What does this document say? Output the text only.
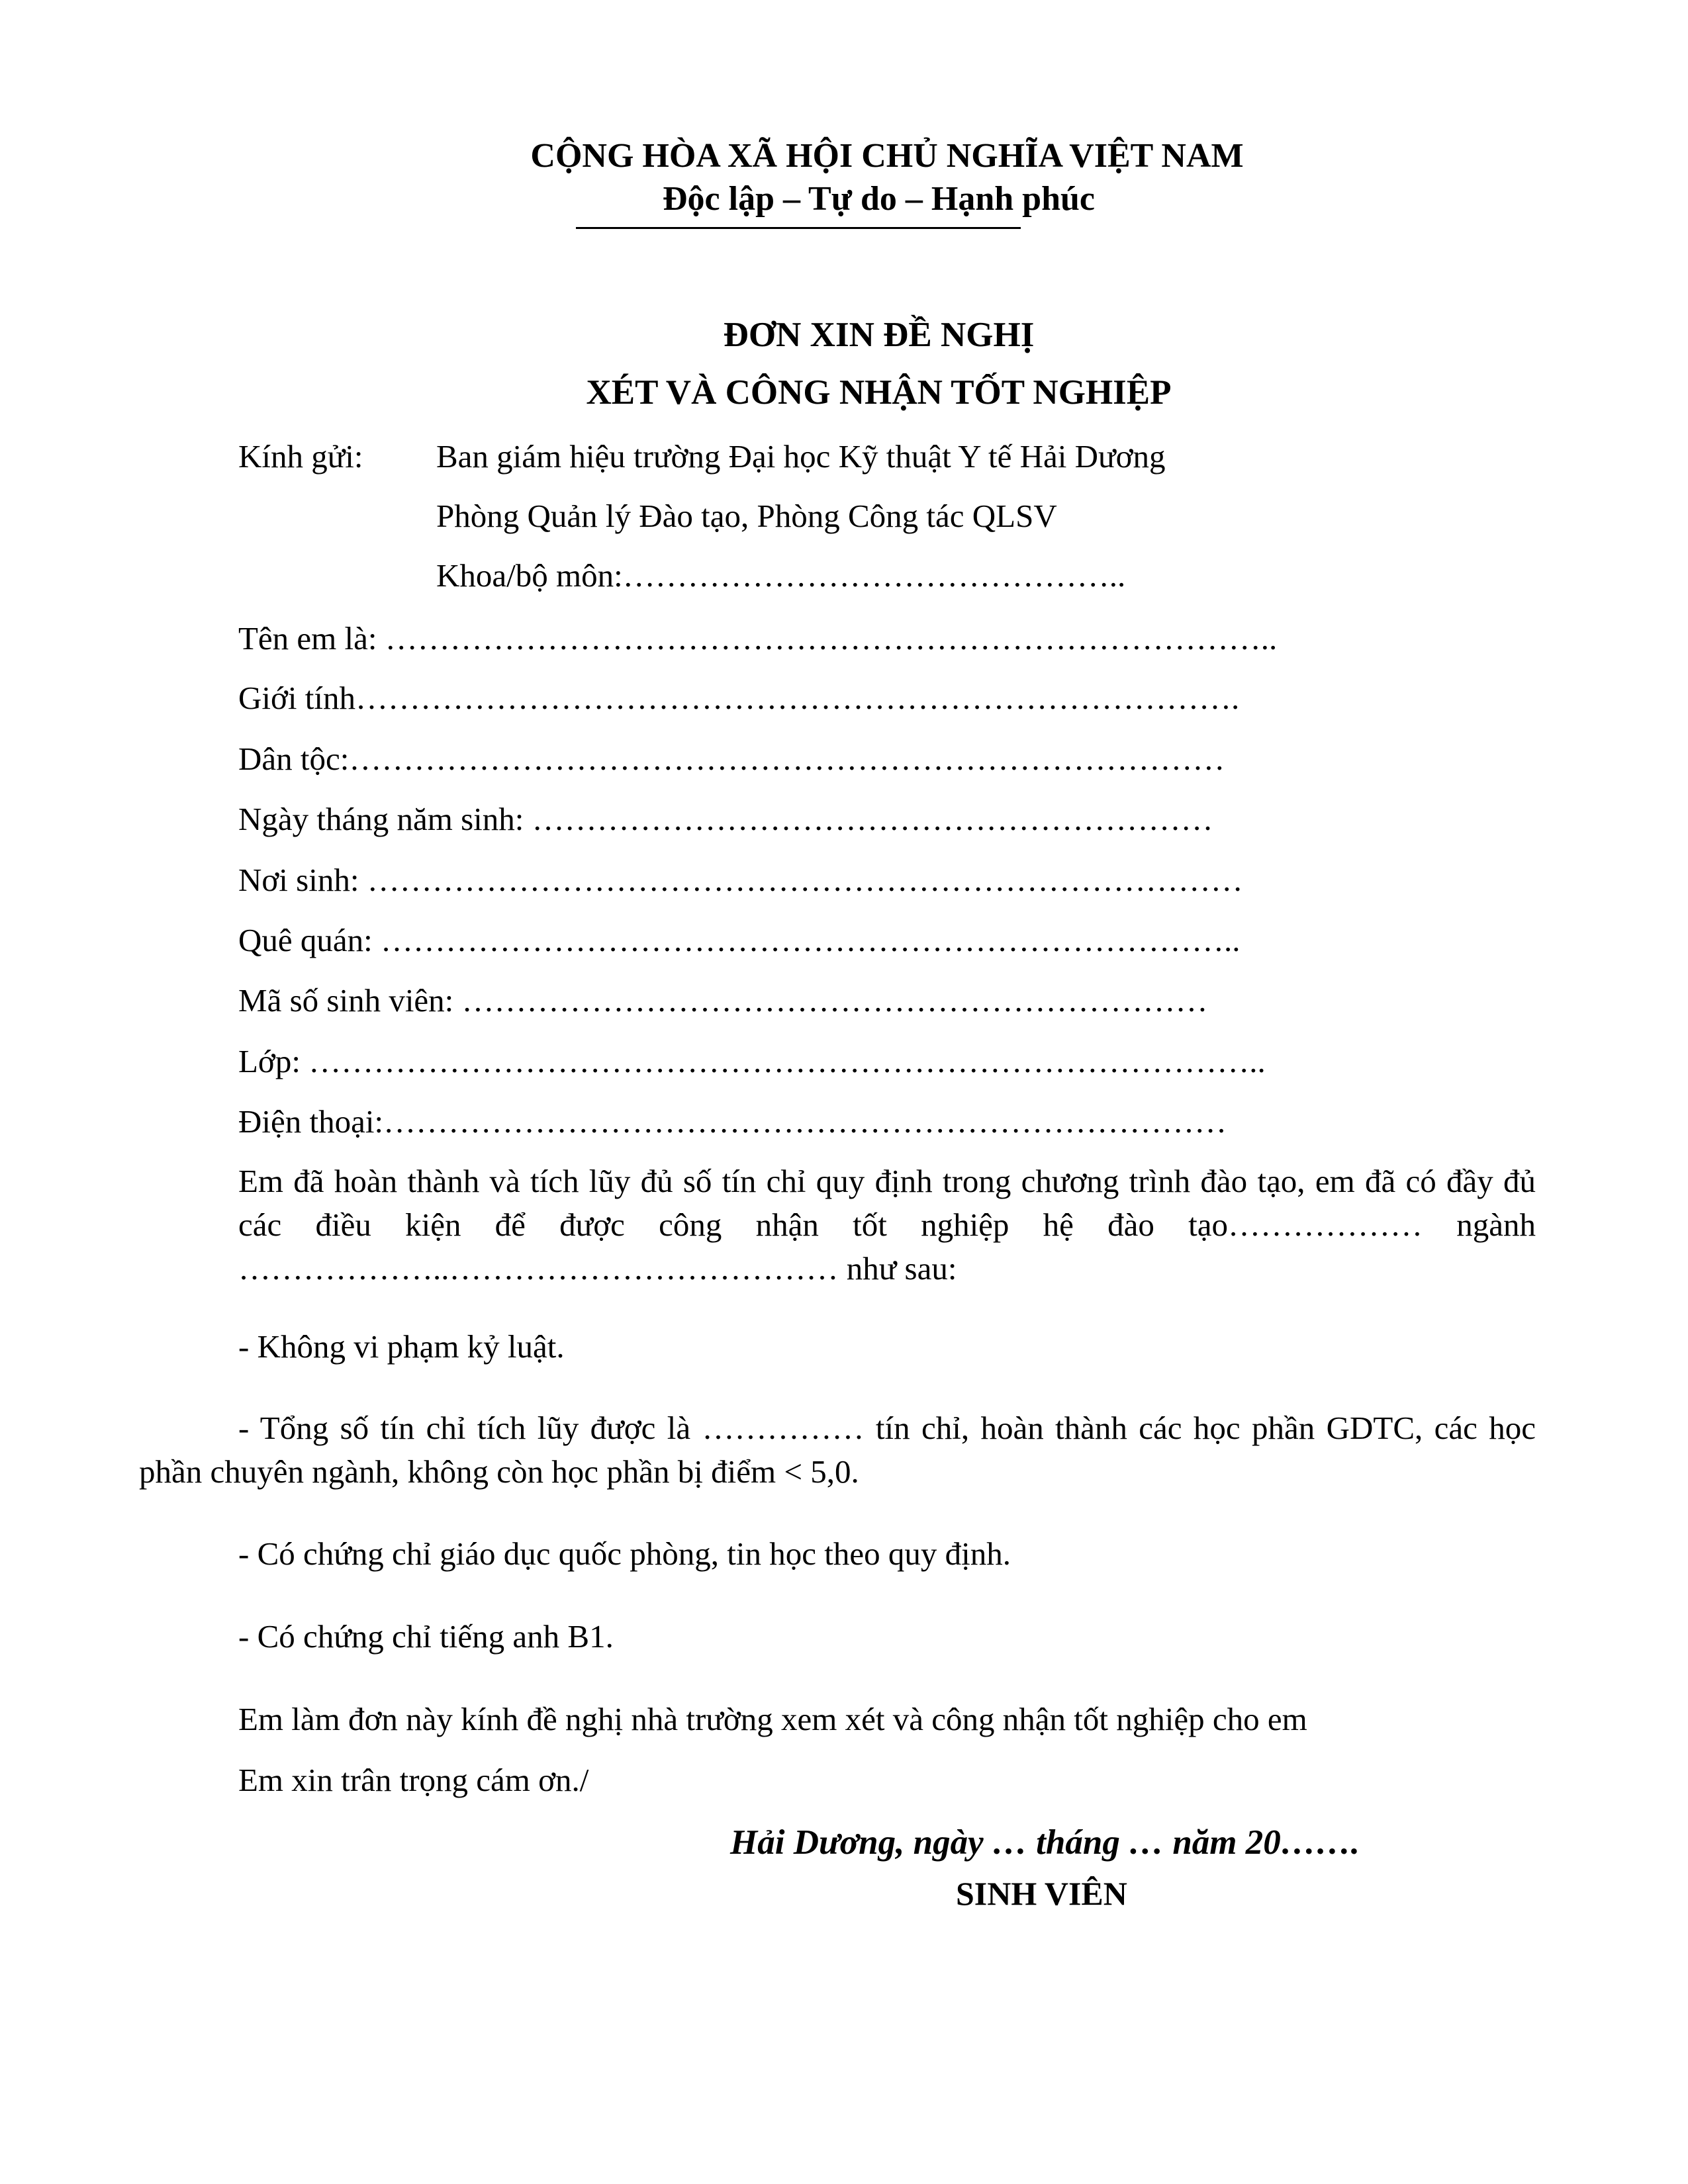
CỘNG HÒA XÃ HỘI CHỦ NGHĨA VIỆT NAM
Độc lập – Tự do – Hạnh phúc
ĐƠN XIN ĐỀ NGHỊ
XÉT VÀ CÔNG NHẬN TỐT NGHIỆP
Kính gửi: Ban giám hiệu trường Đại học Kỹ thuật Y tế Hải Dương
Phòng Quản lý Đào tạo, Phòng Công tác QLSV
Khoa/bộ môn:………………………………………..
Tên em là: ………………………………………………………………………..
Giới tính……………………………………………………………………….
Dân tộc:………………………………………………………………………
Ngày tháng năm sinh: ………………………………………………………
Nơi sinh: ………………………………………………………………………
Quê quán: ……………………………………………………………………..
Mã số sinh viên: ……………………………………………………………
Lớp: ……………………………………………………………………………..
Điện thoại:……………………………………………………………………
Em đã hoàn thành và tích lũy đủ số tín chỉ quy định trong chương trình đào tạo, em đã có đầy đủ các điều kiện để được công nhận tốt nghiệp hệ đào tạo……………… ngành ………………..……………………………… như sau:
- Không vi phạm kỷ luật.
- Tổng số tín chỉ tích lũy được là …………… tín chỉ, hoàn thành các học phần GDTC, các học phần chuyên ngành, không còn học phần bị điểm < 5,0.
- Có chứng chỉ giáo dục quốc phòng, tin học theo quy định.
- Có chứng chỉ tiếng anh B1.
Em làm đơn này kính đề nghị nhà trường xem xét và công nhận tốt nghiệp cho em
Em xin trân trọng cám ơn./
Hải Dương, ngày … tháng … năm 20…….
SINH VIÊN
